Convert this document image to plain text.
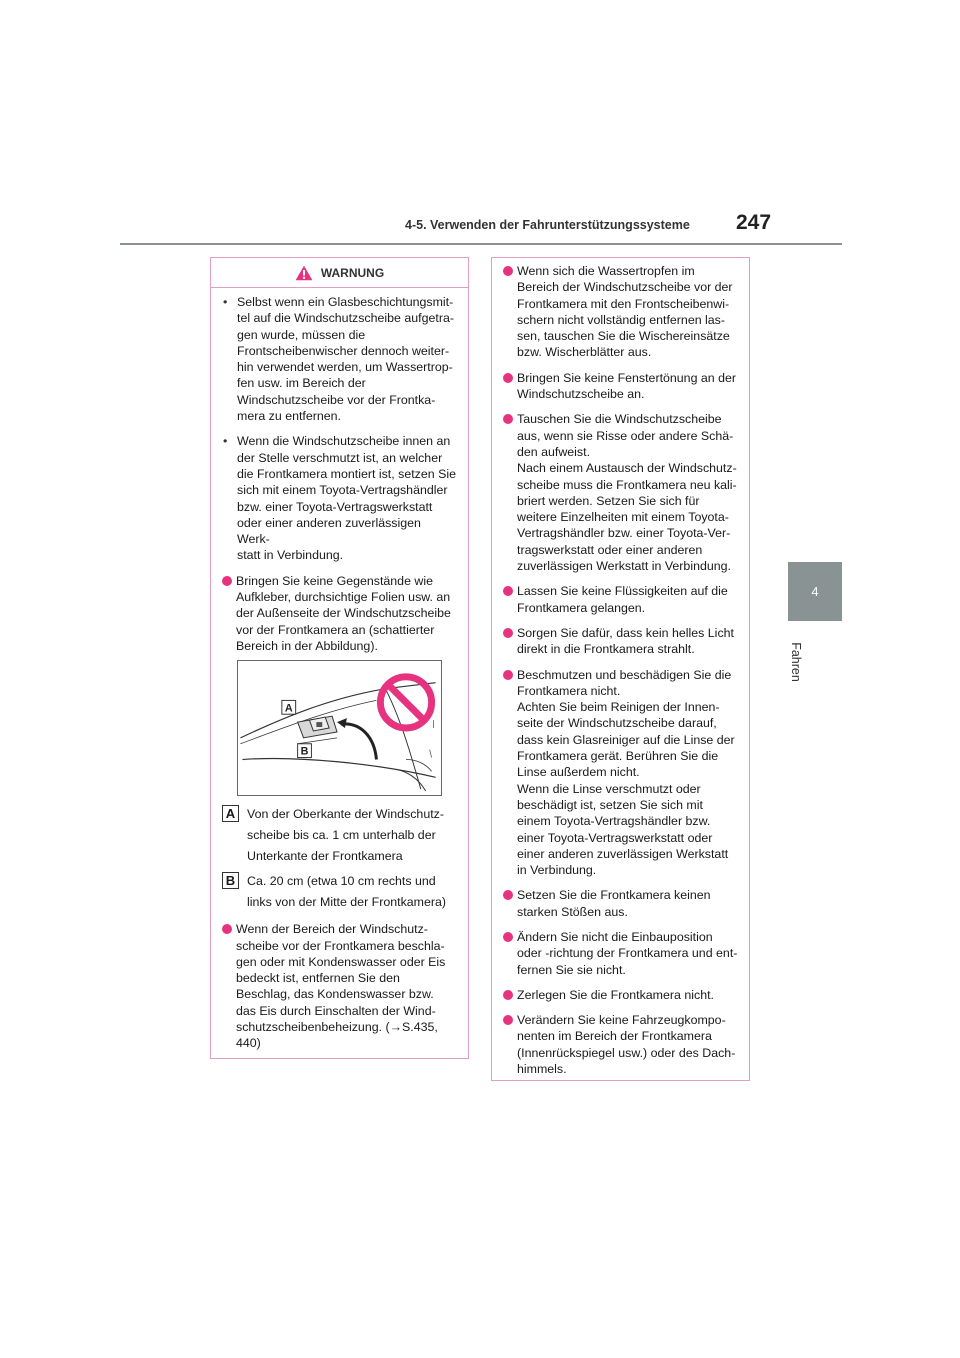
4-5. Verwenden der Fahrunterstützungssysteme	247
4
Fahren
WARNUNG
• Selbst wenn ein Glasbeschichtungsmit-
tel auf die Windschutzscheibe aufgetra-
gen wurde, müssen die
Frontscheibenwischer dennoch weiter-
hin verwendet werden, um Wassertrop-
fen usw. im Bereich der
Windschutzscheibe vor der Frontka-
mera zu entfernen.
• Wenn die Windschutzscheibe innen an
der Stelle verschmutzt ist, an welcher
die Frontkamera montiert ist, setzen Sie
sich mit einem Toyota-Vertragshändler
bzw. einer Toyota-Vertragswerkstatt
oder einer anderen zuverlässigen Werk-
statt in Verbindung.
Bringen Sie keine Gegenstände wie
Aufkleber, durchsichtige Folien usw. an
der Außenseite der Windschutzscheibe
vor der Frontkamera an (schattierter
Bereich in der Abbildung).
A
B
A Von der Oberkante der Windschutz-
scheibe bis ca. 1 cm unterhalb der
Unterkante der Frontkamera
B Ca. 20 cm (etwa 10 cm rechts und
links von der Mitte der Frontkamera)
Wenn der Bereich der Windschutz-
scheibe vor der Frontkamera beschla-
gen oder mit Kondenswasser oder Eis
bedeckt ist, entfernen Sie den
Beschlag, das Kondenswasser bzw.
das Eis durch Einschalten der Wind-
schutzscheibenbeheizung. (→S.435,
440)
Wenn sich die Wassertropfen im
Bereich der Windschutzscheibe vor der
Frontkamera mit den Frontscheibenwi-
schern nicht vollständig entfernen las-
sen, tauschen Sie die Wischereinsätze
bzw. Wischerblätter aus.
Bringen Sie keine Fenstertönung an der
Windschutzscheibe an.
Tauschen Sie die Windschutzscheibe
aus, wenn sie Risse oder andere Schä-
den aufweist.
Nach einem Austausch der Windschutz-
scheibe muss die Frontkamera neu kali-
briert werden. Setzen Sie sich für
weitere Einzelheiten mit einem Toyota-
Vertragshändler bzw. einer Toyota-Ver-
tragswerkstatt oder einer anderen
zuverlässigen Werkstatt in Verbindung.
Lassen Sie keine Flüssigkeiten auf die
Frontkamera gelangen.
Sorgen Sie dafür, dass kein helles Licht
direkt in die Frontkamera strahlt.
Beschmutzen und beschädigen Sie die
Frontkamera nicht.
Achten Sie beim Reinigen der Innen-
seite der Windschutzscheibe darauf,
dass kein Glasreiniger auf die Linse der
Frontkamera gerät. Berühren Sie die
Linse außerdem nicht.
Wenn die Linse verschmutzt oder
beschädigt ist, setzen Sie sich mit
einem Toyota-Vertragshändler bzw.
einer Toyota-Vertragswerkstatt oder
einer anderen zuverlässigen Werkstatt
in Verbindung.
Setzen Sie die Frontkamera keinen
starken Stößen aus.
Ändern Sie nicht die Einbauposition
oder -richtung der Frontkamera und ent-
fernen Sie sie nicht.
Zerlegen Sie die Frontkamera nicht.
Verändern Sie keine Fahrzeugkompo-
nenten im Bereich der Frontkamera
(Innenrückspiegel usw.) oder des Dach-
himmels.
